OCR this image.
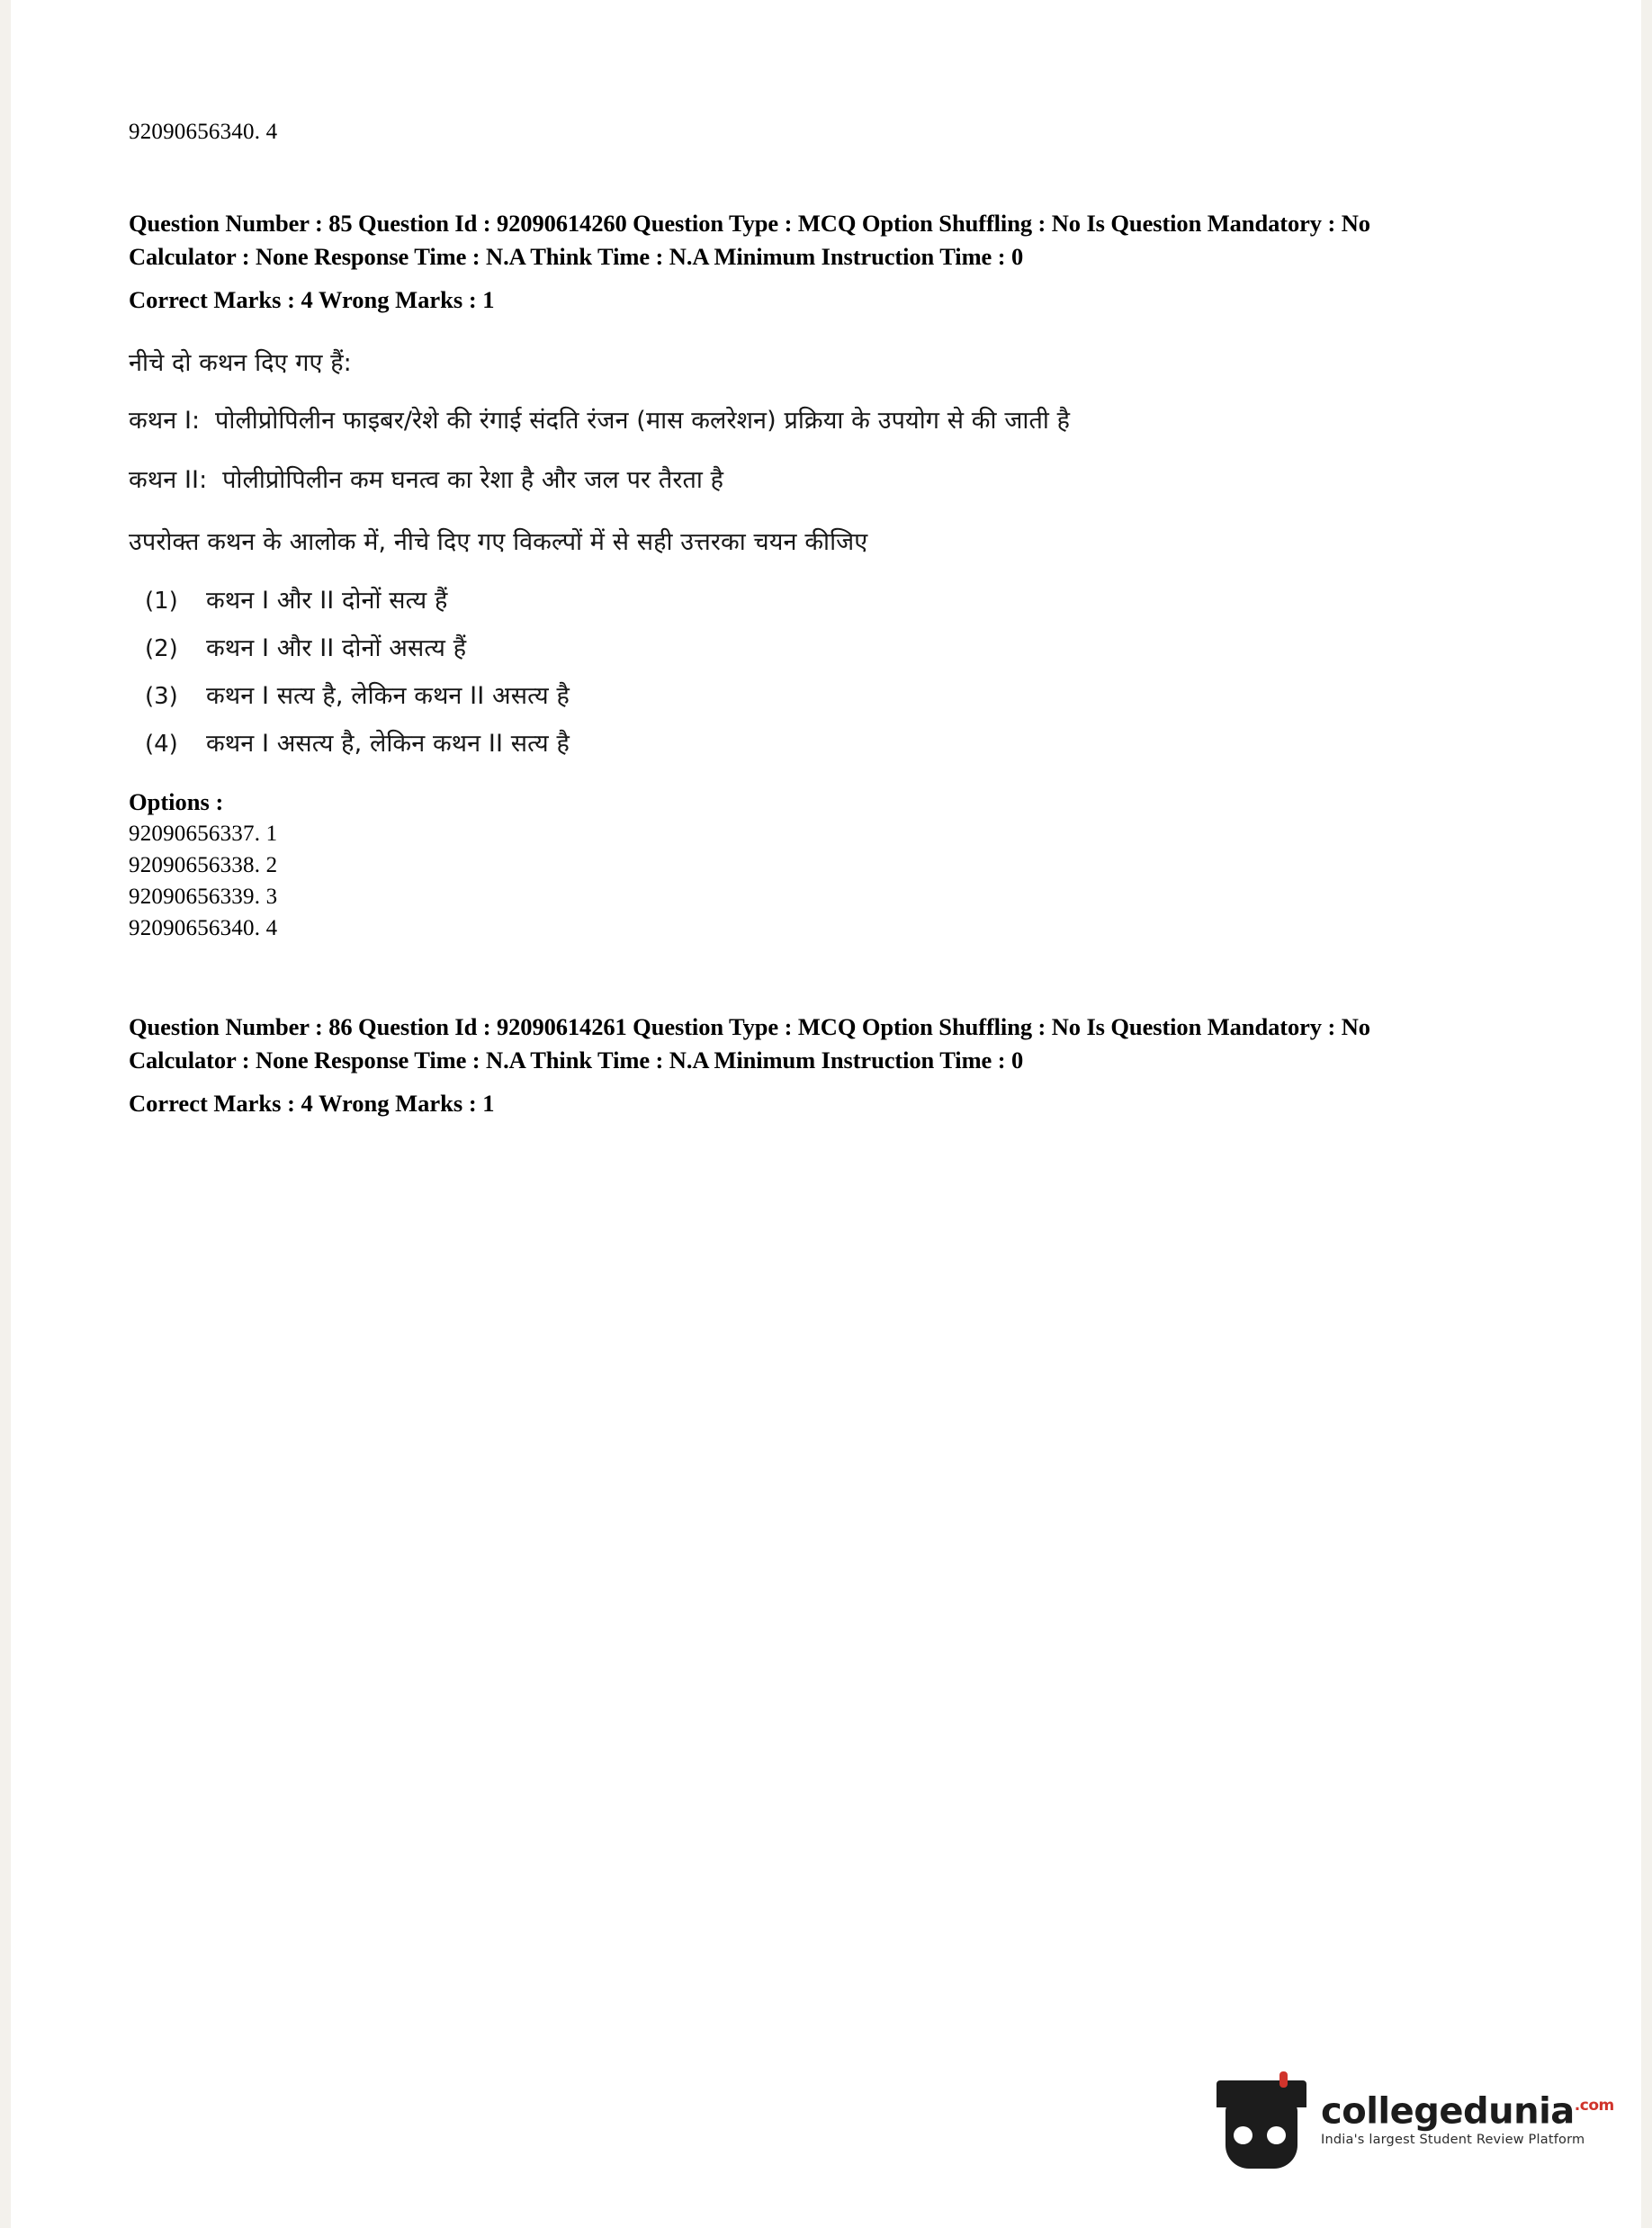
92090656340. 4
Question Number : 85 Question Id : 92090614260 Question Type : MCQ Option Shuffling : No Is Question Mandatory : No Calculator : None Response Time : N.A Think Time : N.A Minimum Instruction Time : 0
Correct Marks : 4 Wrong Marks : 1
नीचे दो कथन दिए गए हैं:
कथन I: पोलीप्रोपिलीन फाइबर/रेशे की रंगाई संदति रंजन (मास कलरेशन) प्रक्रिया के उपयोग से की जाती है
कथन II: पोलीप्रोपिलीन कम घनत्व का रेशा है और जल पर तैरता है
उपरोक्त कथन के आलोक में, नीचे दिए गए विकल्पों में से सही उत्तरका चयन कीजिए
(1)	कथन I और II दोनों सत्य हैं
(2)	कथन I और II दोनों असत्य हैं
(3)	कथन I सत्य है, लेकिन कथन II असत्य है
(4)	कथन I असत्य है, लेकिन कथन II सत्य है
Options :
92090656337. 1
92090656338. 2
92090656339. 3
92090656340. 4
Question Number : 86 Question Id : 92090614261 Question Type : MCQ Option Shuffling : No Is Question Mandatory : No Calculator : None Response Time : N.A Think Time : N.A Minimum Instruction Time : 0
Correct Marks : 4 Wrong Marks : 1
collegedunia$^{.com}$
India's largest Student Review Platform
